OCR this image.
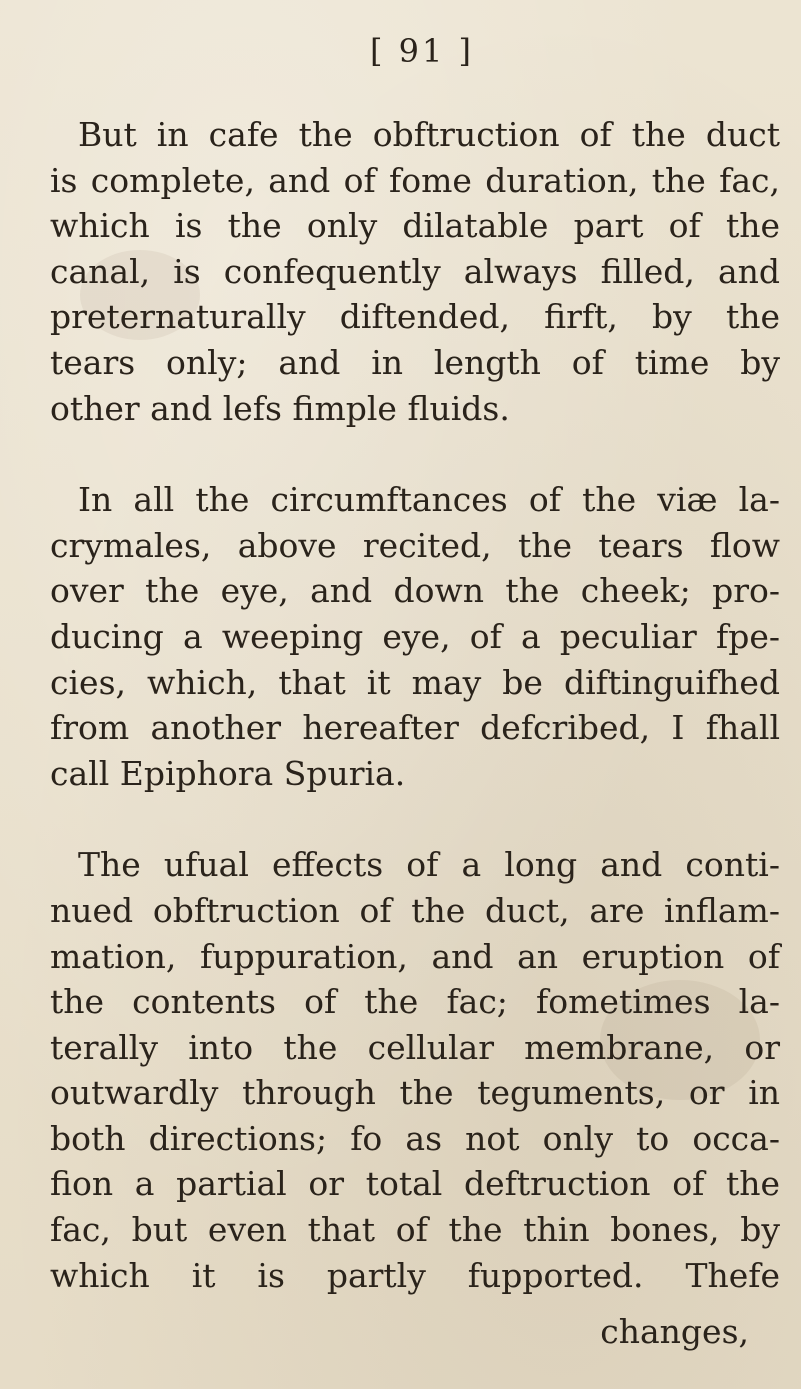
[ 91 ]

But in cafe the obftruction of the duct
is complete, and of fome duration, the fac,
which is the only dilatable part of the
canal, is confequently always filled, and
preternaturally diftended, firft, by the
tears only; and in length of time by
other and lefs fimple fluids.

In all the circumftances of the viæ la-
crymales, above recited, the tears flow
over the eye, and down the cheek; pro-
ducing a weeping eye, of a peculiar fpe-
cies, which, that it may be diftinguifhed
from another hereafter defcribed, I fhall
call Epiphora Spuria.

The ufual effects of a long and conti-
nued obftruction of the duct, are inflam-
mation, fuppuration, and an eruption of
the contents of the fac; fometimes la-
terally into the cellular membrane, or
outwardly through the teguments, or in
both directions; fo as not only to occa-
fion a partial or total deftruction of the
fac, but even that of the thin bones, by
which it is partly fupported. Thefe

changes,
